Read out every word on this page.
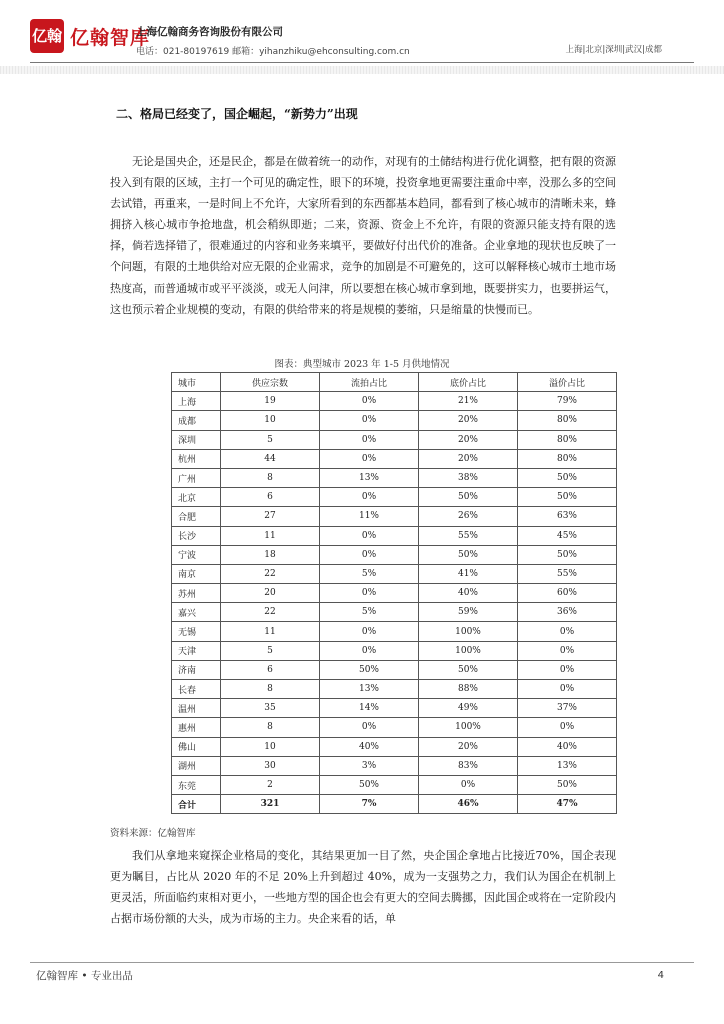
亿翰 亿翰智库
上海亿翰商务咨询股份有限公司
电话：021-80197619 邮箱：yihanzhiku@ehconsulting.com.cn	上海|北京|深圳|武汉|成都
二、格局已经变了，国企崛起，“新势力”出现
无论是国央企，还是民企，都是在做着统一的动作，对现有的土储结构进行优化调整，把有限的资源投入到有限的区域，主打一个可见的确定性，眼下的环境，投资拿地更需要注重命中率，没那么多的空间去试错，再重来，一是时间上不允许，大家所看到的东西都基本趋同，都看到了核心城市的清晰未来，蜂拥挤入核心城市争抢地盘，机会稍纵即逝；二来，资源、资金上不允许，有限的资源只能支持有限的选择，倘若选择错了，很难通过的内容和业务来填平，要做好付出代价的准备。企业拿地的现状也反映了一个问题，有限的土地供给对应无限的企业需求，竞争的加剧是不可避免的，这可以解释核心城市土地市场热度高，而普通城市或平平淡淡，或无人问津，所以要想在核心城市拿到地，既要拼实力，也要拼运气，这也预示着企业规模的变动，有限的供给带来的将是规模的萎缩，只是缩量的快慢而已。
图表：典型城市 2023 年 1-5 月供地情况
城市	供应宗数	流拍占比	底价占比	溢价占比
上海	19	0%	21%	79%
成都	10	0%	20%	80%
深圳	5	0%	20%	80%
杭州	44	0%	20%	80%
广州	8	13%	38%	50%
北京	6	0%	50%	50%
合肥	27	11%	26%	63%
长沙	11	0%	55%	45%
宁波	18	0%	50%	50%
南京	22	5%	41%	55%
苏州	20	0%	40%	60%
嘉兴	22	5%	59%	36%
无锡	11	0%	100%	0%
天津	5	0%	100%	0%
济南	6	50%	50%	0%
长春	8	13%	88%	0%
温州	35	14%	49%	37%
惠州	8	0%	100%	0%
佛山	10	40%	20%	40%
湖州	30	3%	83%	13%
东莞	2	50%	0%	50%
合计	321	7%	46%	47%
资料来源：亿翰智库
我们从拿地来窥探企业格局的变化，其结果更加一目了然，央企国企拿地占比接近70%，国企表现更为瞩目，占比从 2020 年的不足 20%上升到超过 40%，成为一支强势之力，我们认为国企在机制上更灵活，所面临约束相对更小，一些地方型的国企也会有更大的空间去腾挪，因此国企或将在一定阶段内占据市场份额的大头，成为市场的主力。央企来看的话，单
亿翰智库 • 专业出品	4
